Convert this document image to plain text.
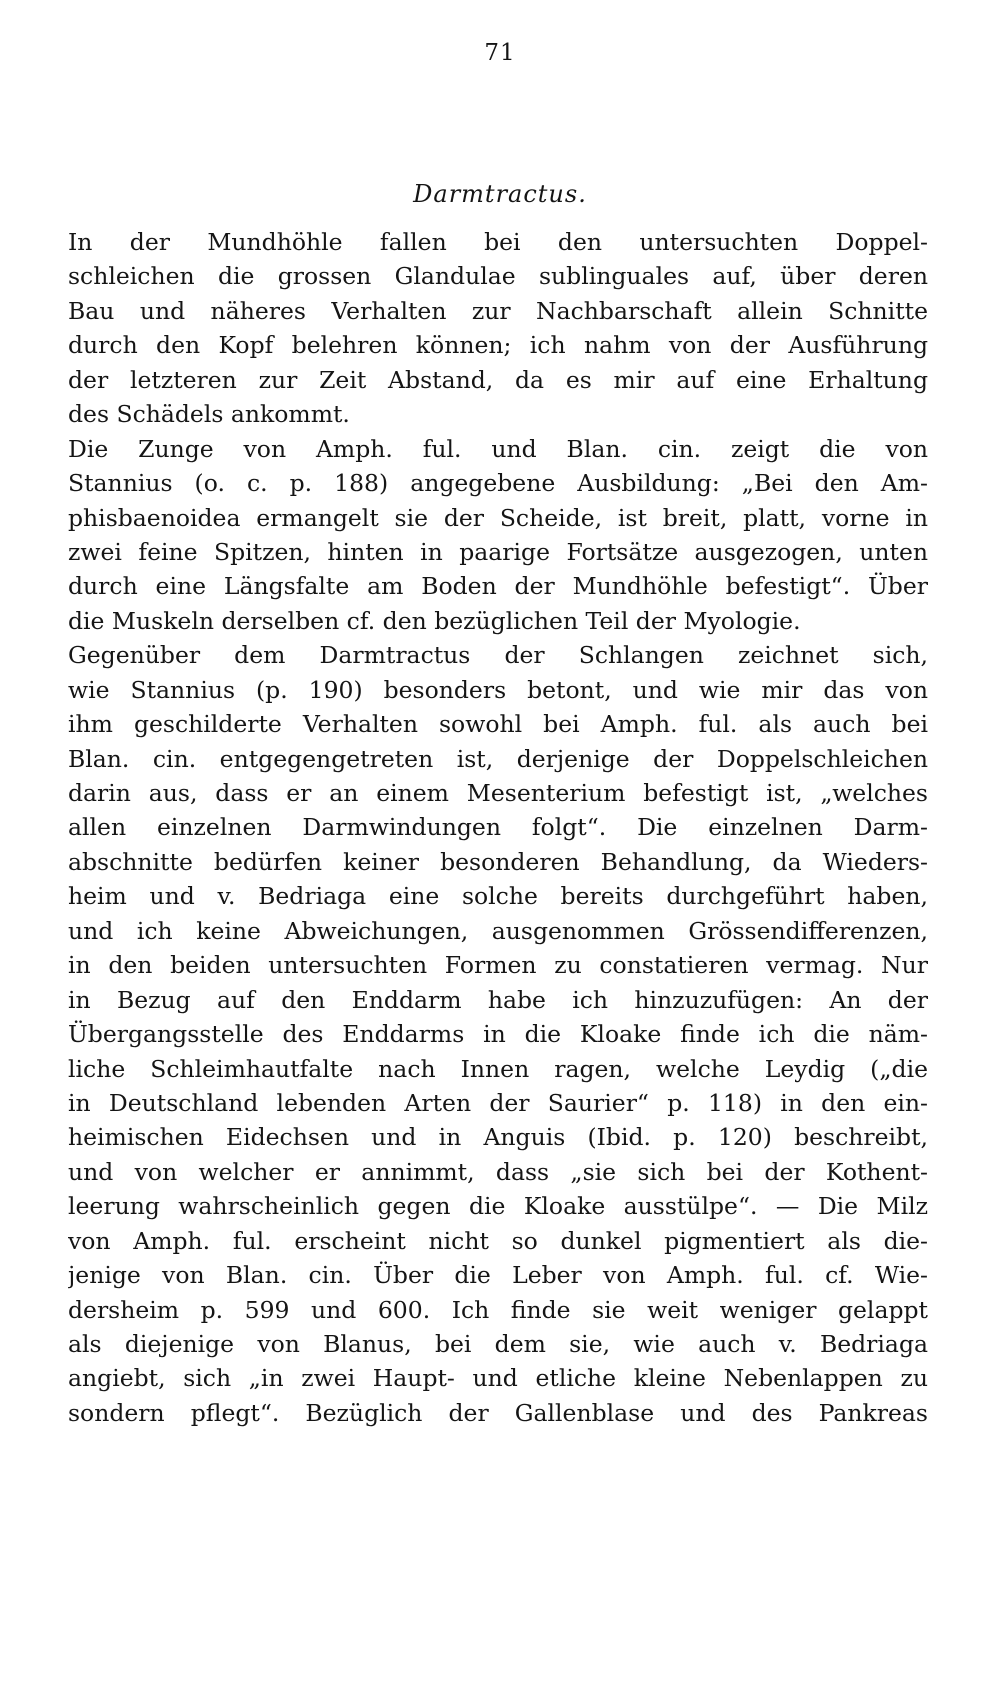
71
Darmtractus.
In der Mundhöhle fallen bei den untersuchten Doppel-
schleichen die grossen Glandulae sublinguales auf, über deren
Bau und näheres Verhalten zur Nachbarschaft allein Schnitte
durch den Kopf belehren können; ich nahm von der Ausführung
der letzteren zur Zeit Abstand, da es mir auf eine Erhaltung
des Schädels ankommt.
Die Zunge von Amph. ful. und Blan. cin. zeigt die von
Stannius (o. c. p. 188) angegebene Ausbildung: „Bei den Am-
phisbaenoidea ermangelt sie der Scheide, ist breit, platt, vorne in
zwei feine Spitzen, hinten in paarige Fortsätze ausgezogen, unten
durch eine Längsfalte am Boden der Mundhöhle befestigt“. Über
die Muskeln derselben cf. den bezüglichen Teil der Myologie.
Gegenüber dem Darmtractus der Schlangen zeichnet sich,
wie Stannius (p. 190) besonders betont, und wie mir das von
ihm geschilderte Verhalten sowohl bei Amph. ful. als auch bei
Blan. cin. entgegengetreten ist, derjenige der Doppelschleichen
darin aus, dass er an einem Mesenterium befestigt ist, „welches
allen einzelnen Darmwindungen folgt“. Die einzelnen Darm-
abschnitte bedürfen keiner besonderen Behandlung, da Wieders-
heim und v. Bedriaga eine solche bereits durchgeführt haben,
und ich keine Abweichungen, ausgenommen Grössendifferenzen,
in den beiden untersuchten Formen zu constatieren vermag. Nur
in Bezug auf den Enddarm habe ich hinzuzufügen: An der
Übergangsstelle des Enddarms in die Kloake finde ich die näm-
liche Schleimhautfalte nach Innen ragen, welche Leydig („die
in Deutschland lebenden Arten der Saurier“ p. 118) in den ein-
heimischen Eidechsen und in Anguis (Ibid. p. 120) beschreibt,
und von welcher er annimmt, dass „sie sich bei der Kothent-
leerung wahrscheinlich gegen die Kloake ausstülpe“. — Die Milz
von Amph. ful. erscheint nicht so dunkel pigmentiert als die-
jenige von Blan. cin. Über die Leber von Amph. ful. cf. Wie-
dersheim p. 599 und 600. Ich finde sie weit weniger gelappt
als diejenige von Blanus, bei dem sie, wie auch v. Bedriaga
angiebt, sich „in zwei Haupt- und etliche kleine Nebenlappen zu
sondern pflegt“. Bezüglich der Gallenblase und des Pankreas
